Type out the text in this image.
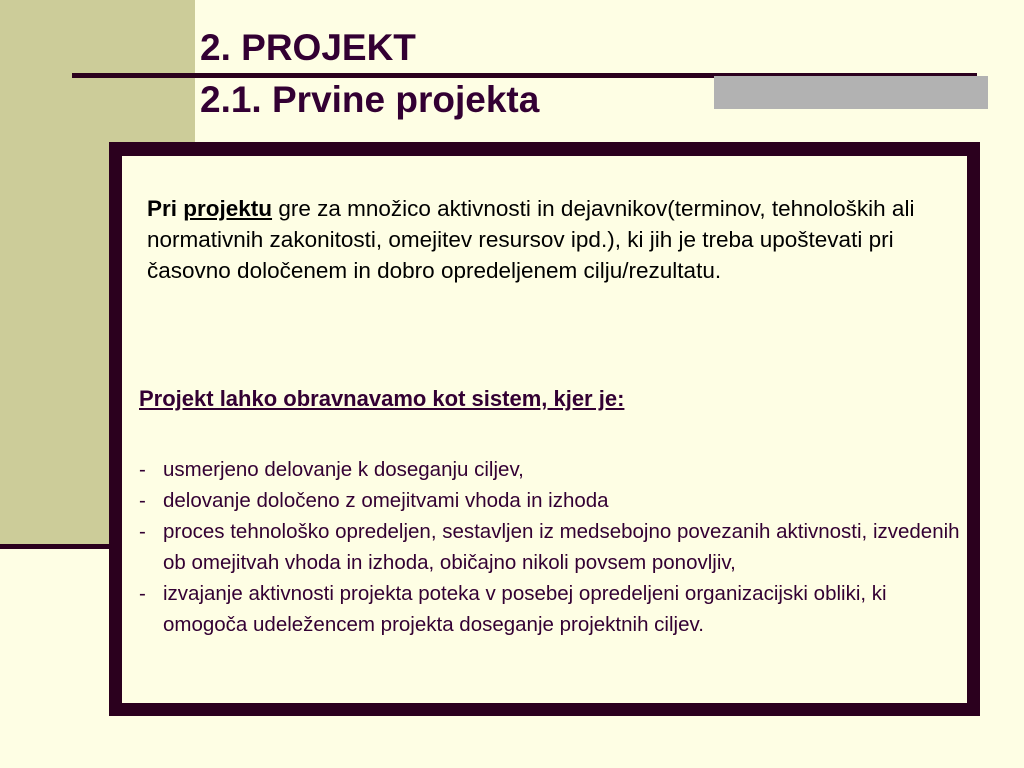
2. PROJEKT
2.1. Prvine projekta

Pri projektu gre za množico aktivnosti in dejavnikov(terminov, tehnoloških ali normativnih zakonitosti, omejitev resursov ipd.), ki jih je treba upoštevati pri časovno določenem in dobro opredeljenem cilju/rezultatu.

Projekt lahko obravnavamo kot sistem, kjer je:
- usmerjeno delovanje k doseganju ciljev,
- delovanje določeno z omejitvami vhoda in izhoda
- proces tehnološko opredeljen, sestavljen iz medsebojno povezanih aktivnosti, izvedenih ob omejitvah vhoda in izhoda, običajno nikoli povsem ponovljiv,
- izvajanje aktivnosti projekta poteka v posebej opredeljeni organizacijski obliki, ki omogoča udeležencem projekta doseganje projektnih ciljev.
